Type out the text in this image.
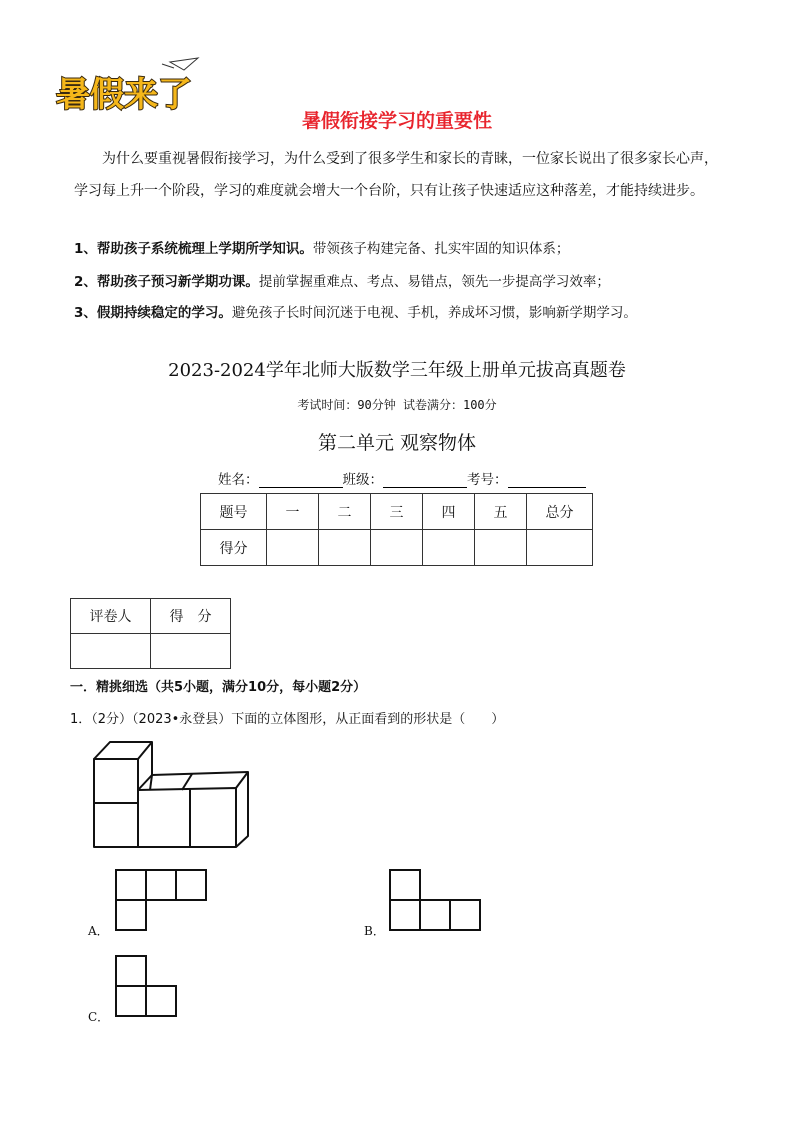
暑假来了
暑假衔接学习的重要性
为什么要重视暑假衔接学习，为什么受到了很多学生和家长的青睐，一位家长说出了很多家长心声，学习每上升一个阶段，学习的难度就会增大一个台阶，只有让孩子快速适应这种落差，才能持续进步。
1、帮助孩子系统梳理上学期所学知识。带领孩子构建完备、扎实牢固的知识体系；
2、帮助孩子预习新学期功课。提前掌握重难点、考点、易错点，领先一步提高学习效率；
3、假期持续稳定的学习。避免孩子长时间沉迷于电视、手机，养成坏习惯，影响新学期学习。
2023-2024学年北师大版数学三年级上册单元拔高真题卷
考试时间：90分钟 试卷满分：100分
第二单元 观察物体
姓名：	班级：	考号：
题号	一	二	三	四	五	总分
得分						
评卷人	得　分

一．精挑细选（共5小题，满分10分，每小题2分）
1．（2分）（2023•永登县）下面的立体图形，从正面看到的形状是（　　）
A．	B．
C．
